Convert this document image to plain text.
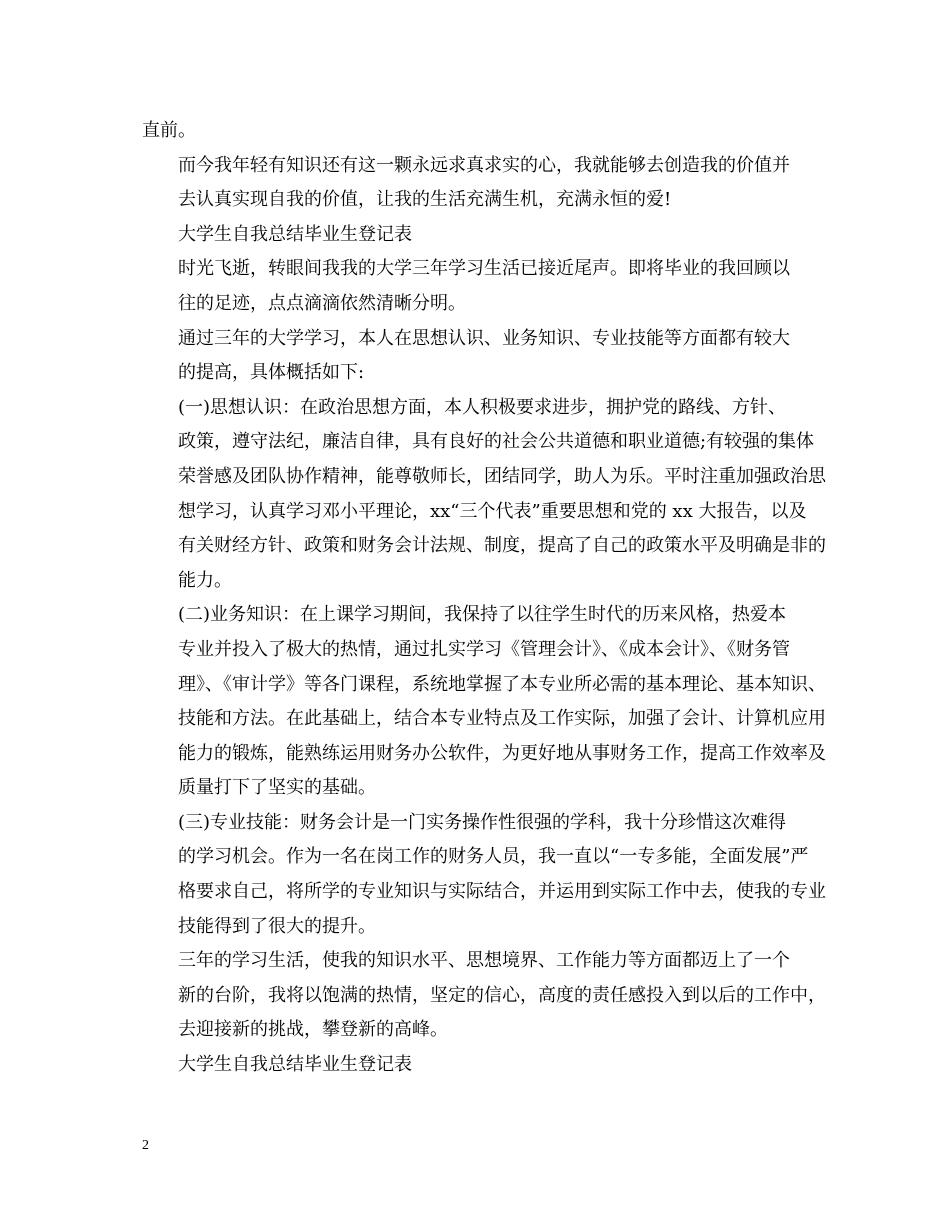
直前。

而今我年轻有知识还有这一颗永远求真求实的心，我就能够去创造我的价值并
去认真实现自我的价值，让我的生活充满生机，充满永恒的爱!

大学生自我总结毕业生登记表

时光飞逝，转眼间我我的大学三年学习生活已接近尾声。即将毕业的我回顾以
往的足迹，点点滴滴依然清晰分明。

通过三年的大学学习，本人在思想认识、业务知识、专业技能等方面都有较大
的提高，具体概括如下:

(一)思想认识：在政治思想方面，本人积极要求进步，拥护党的路线、方针、
政策，遵守法纪，廉洁自律，具有良好的社会公共道德和职业道德;有较强的集体
荣誉感及团队协作精神，能尊敬师长，团结同学，助人为乐。平时注重加强政治思
想学习，认真学习邓小平理论，xx“三个代表”重要思想和党的 xx 大报告，以及
有关财经方针、政策和财务会计法规、制度，提高了自己的政策水平及明确是非的
能力。

(二)业务知识：在上课学习期间，我保持了以往学生时代的历来风格，热爱本
专业并投入了极大的热情，通过扎实学习《管理会计》、《成本会计》、《财务管
理》、《审计学》等各门课程，系统地掌握了本专业所必需的基本理论、基本知识、
技能和方法。在此基础上，结合本专业特点及工作实际，加强了会计、计算机应用
能力的锻炼，能熟练运用财务办公软件，为更好地从事财务工作，提高工作效率及
质量打下了坚实的基础。

(三)专业技能：财务会计是一门实务操作性很强的学科，我十分珍惜这次难得
的学习机会。作为一名在岗工作的财务人员，我一直以“一专多能，全面发展”严
格要求自己，将所学的专业知识与实际结合，并运用到实际工作中去，使我的专业
技能得到了很大的提升。

三年的学习生活，使我的知识水平、思想境界、工作能力等方面都迈上了一个
新的台阶，我将以饱满的热情，坚定的信心，高度的责任感投入到以后的工作中，
去迎接新的挑战，攀登新的高峰。

大学生自我总结毕业生登记表

2
